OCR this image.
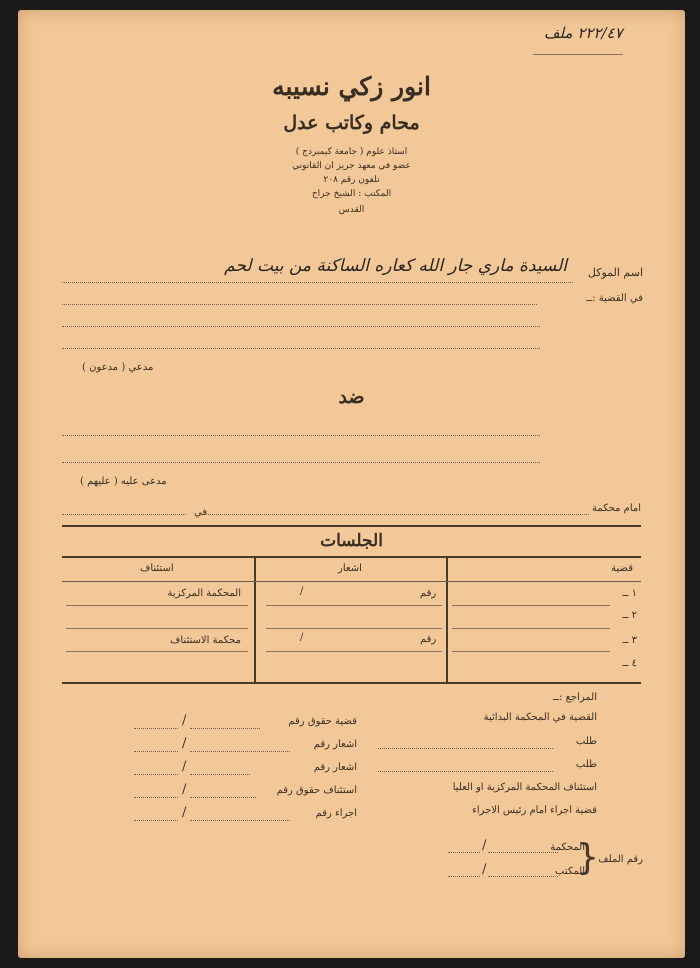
٢٢٢/٤٧ ملف
انور زكي نسيبه
محام وكاتب عدل
استاذ علوم ( جامعة كيمبردج )
عضو في معهد جريز ان القانوني
تلفون رقم ٢٠٨
المكتب : الشيخ جراح
القدس
اسم الموكل
السيدة ماري جار الله كعاره الساكنة من بيت لحم
في القضية :ــ
مدعي ( مدعون )
ضد
مدعى عليه ( عليهم )
امام محكمة
في
الجلسات
قضية
اشعار
استئناف
١ ــ
٢ ــ
٣ ــ
٤ ــ
رقم
/
رقم
/
المحكمة المركزية
محكمة الاستئناف
المراجع :ــ
القضية في المحكمة البدائية
طلب
طلب
استئناف المحكمة المركزية او العليا
قضية اجراء امام رئيس الاجراء
قضية حقوق رقم
/
اشعار رقم
/
اشعار رقم
/
استئناف حقوق رقم
/
اجراء رقم
/
رقم الملف
{
المحكمة
المكتب
/
/
